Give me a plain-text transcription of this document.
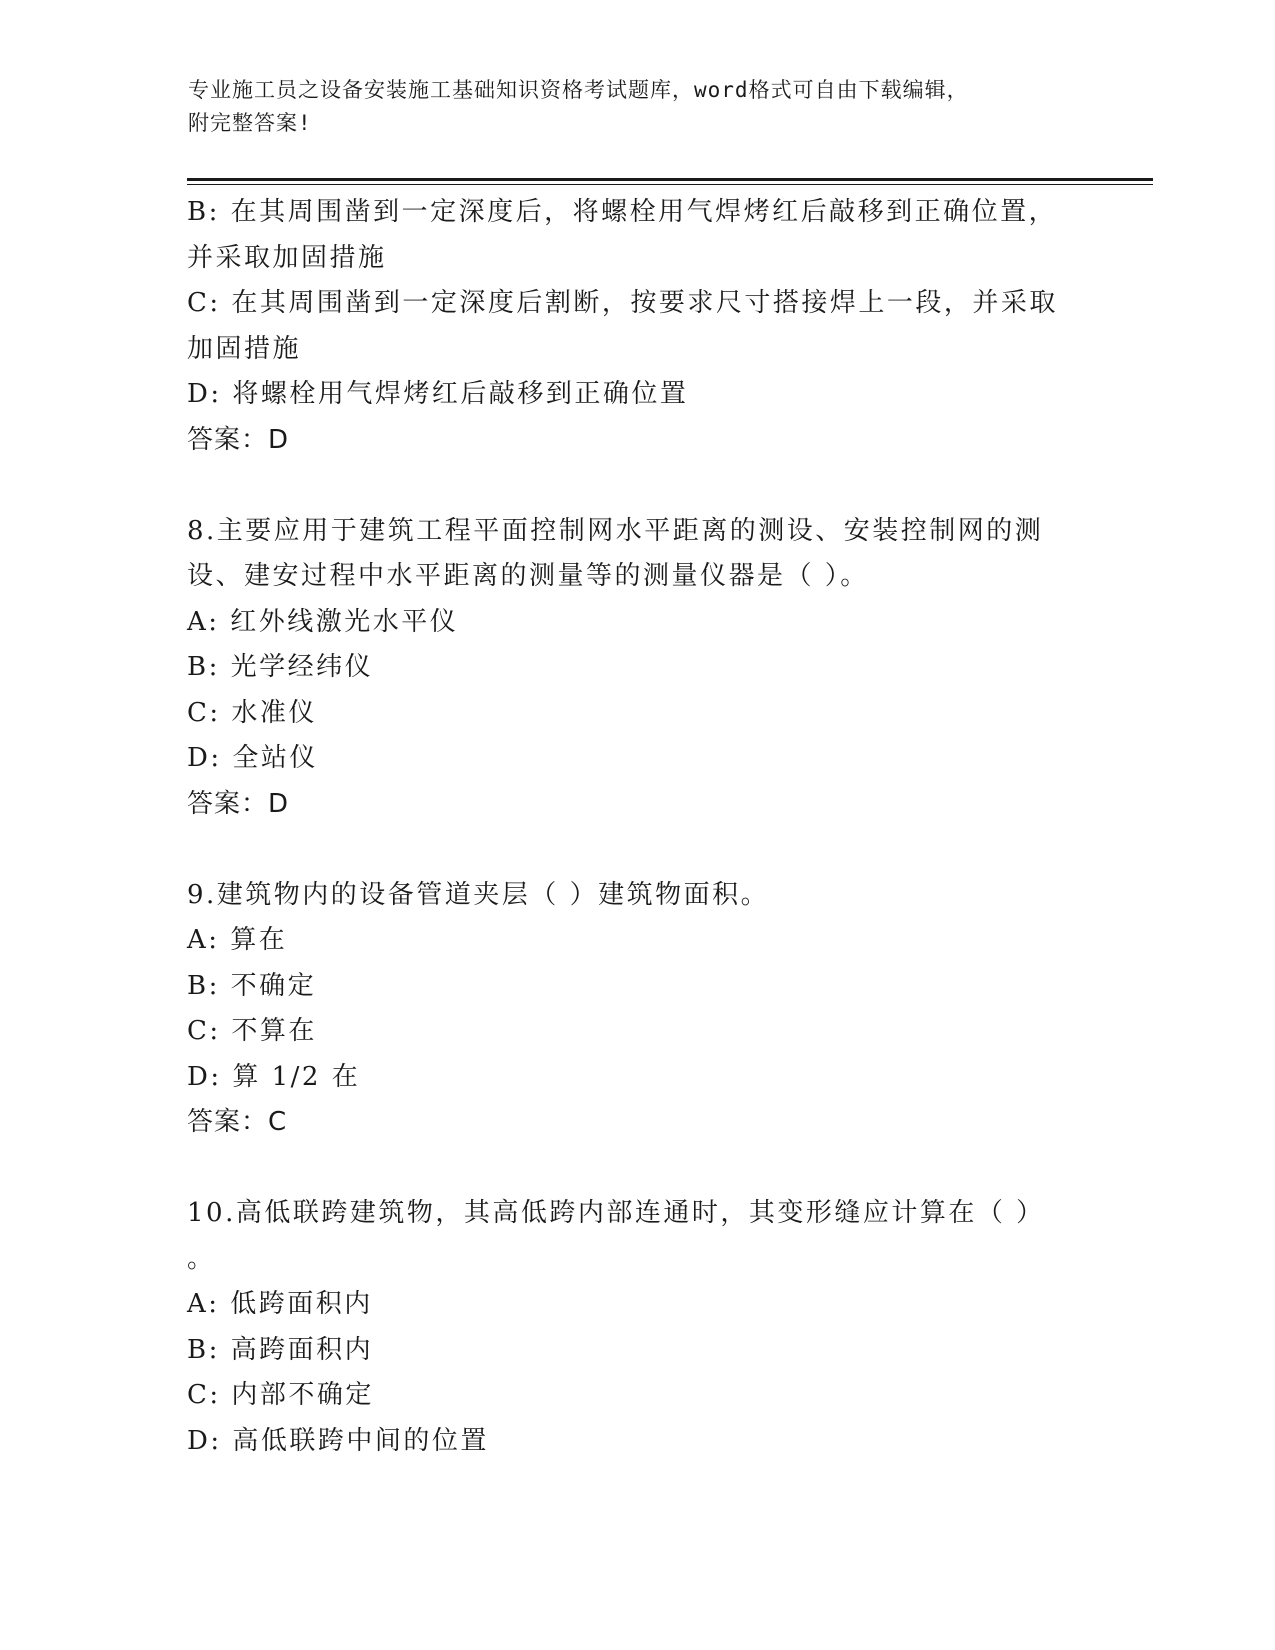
专业施工员之设备安装施工基础知识资格考试题库，word格式可自由下载编辑，
附完整答案!
B: 在其周围凿到一定深度后，将螺栓用气焊烤红后敲移到正确位置，
并采取加固措施
C: 在其周围凿到一定深度后割断，按要求尺寸搭接焊上一段，并采取
加固措施
D: 将螺栓用气焊烤红后敲移到正确位置
答案：D
8.主要应用于建筑工程平面控制网水平距离的测设、安装控制网的测
设、建安过程中水平距离的测量等的测量仪器是（ ）。
A: 红外线激光水平仪
B: 光学经纬仪
C: 水准仪
D: 全站仪
答案：D
9.建筑物内的设备管道夹层（ ）建筑物面积。
A: 算在
B: 不确定
C: 不算在
D: 算 1/2 在
答案：C
10.高低联跨建筑物，其高低跨内部连通时，其变形缝应计算在（ ）
。
A: 低跨面积内
B: 高跨面积内
C: 内部不确定
D: 高低联跨中间的位置
